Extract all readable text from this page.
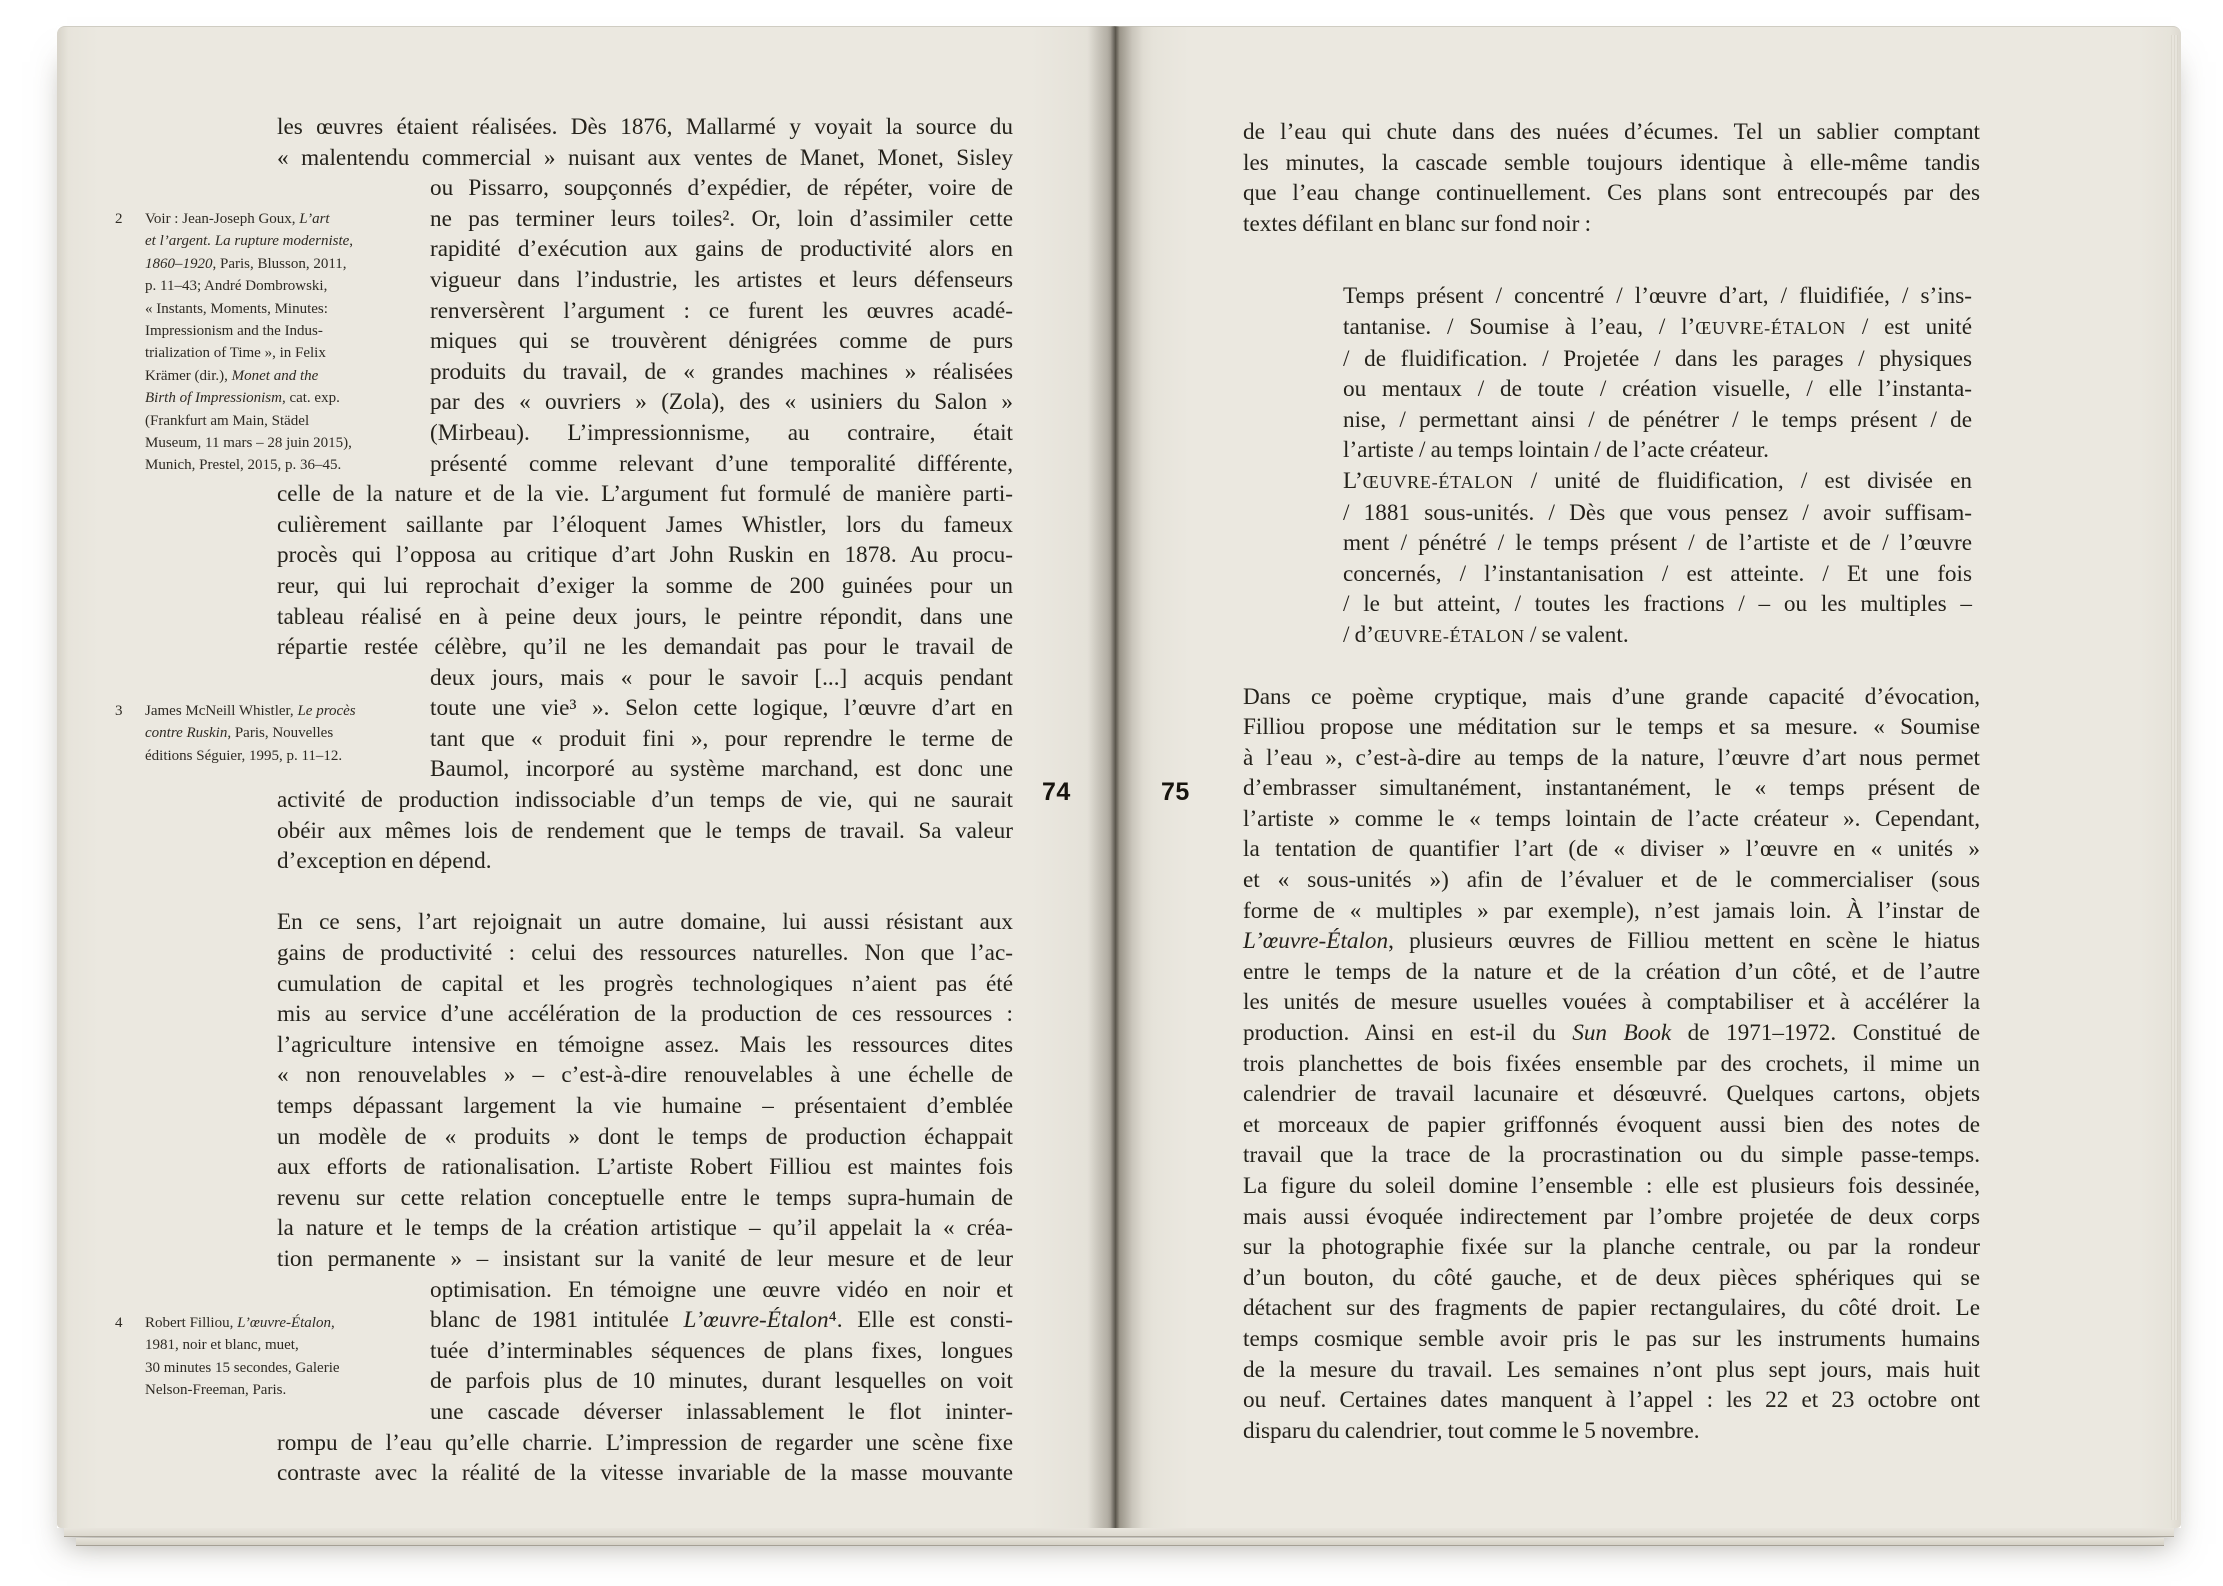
les œuvres étaient réalisées. Dès 1876, Mallarmé y voyait la source du
« malentendu commercial » nuisant aux ventes de Manet, Monet, Sisley
ou Pissarro, soupçonnés d’expédier, de répéter, voire de
ne pas terminer leurs toiles². Or, loin d’assimiler cette
rapidité d’exécution aux gains de productivité alors en
vigueur dans l’industrie, les artistes et leurs défenseurs
renversèrent l’argument : ce furent les œuvres acadé-
miques qui se trouvèrent dénigrées comme de purs
produits du travail, de « grandes machines » réalisées
par des « ouvriers » (Zola), des « usiniers du Salon »
(Mirbeau). L’impressionnisme, au contraire, était
présenté comme relevant d’une temporalité différente,
celle de la nature et de la vie. L’argument fut formulé de manière parti-
culièrement saillante par l’éloquent James Whistler, lors du fameux
procès qui l’opposa au critique d’art John Ruskin en 1878. Au procu-
reur, qui lui reprochait d’exiger la somme de 200 guinées pour un
tableau réalisé en à peine deux jours, le peintre répondit, dans une
répartie restée célèbre, qu’il ne les demandait pas pour le travail de
deux jours, mais « pour le savoir [...] acquis pendant
toute une vie³ ». Selon cette logique, l’œuvre d’art en
tant que « produit fini », pour reprendre le terme de
Baumol, incorporé au système marchand, est donc une
activité de production indissociable d’un temps de vie, qui ne saurait
obéir aux mêmes lois de rendement que le temps de travail. Sa valeur
d’exception en dépend.
En ce sens, l’art rejoignait un autre domaine, lui aussi résistant aux
gains de productivité : celui des ressources naturelles. Non que l’ac-
cumulation de capital et les progrès technologiques n’aient pas été
mis au service d’une accélération de la production de ces ressources :
l’agriculture intensive en témoigne assez. Mais les ressources dites
« non renouvelables » – c’est-à-dire renouvelables à une échelle de
temps dépassant largement la vie humaine – présentaient d’emblée
un modèle de « produits » dont le temps de production échappait
aux efforts de rationalisation. L’artiste Robert Filliou est maintes fois
revenu sur cette relation conceptuelle entre le temps supra-humain de
la nature et le temps de la création artistique – qu’il appelait la « créa-
tion permanente » – insistant sur la vanité de leur mesure et de leur
optimisation. En témoigne une œuvre vidéo en noir et
blanc de 1981 intitulée L’œuvre-Étalon⁴. Elle est consti-
tuée d’interminables séquences de plans fixes, longues
de parfois plus de 10 minutes, durant lesquelles on voit
une cascade déverser inlassablement le flot ininter-
rompu de l’eau qu’elle charrie. L’impression de regarder une scène fixe
contraste avec la réalité de la vitesse invariable de la masse mouvante
2 Voir : Jean-Joseph Goux, L’art
et l’argent. La rupture moderniste,
1860–1920, Paris, Blusson, 2011,
p. 11–43; André Dombrowski,
« Instants, Moments, Minutes:
Impressionism and the Indus-
trialization of Time », in Felix
Krämer (dir.), Monet and the
Birth of Impressionism, cat. exp.
(Frankfurt am Main, Städel
Museum, 11 mars – 28 juin 2015),
Munich, Prestel, 2015, p. 36–45.
3 James McNeill Whistler, Le procès
contre Ruskin, Paris, Nouvelles
éditions Séguier, 1995, p. 11–12.
4 Robert Filliou, L’œuvre-Étalon,
1981, noir et blanc, muet,
30 minutes 15 secondes, Galerie
Nelson-Freeman, Paris.
de l’eau qui chute dans des nuées d’écumes. Tel un sablier comptant
les minutes, la cascade semble toujours identique à elle-même tandis
que l’eau change continuellement. Ces plans sont entrecoupés par des
textes défilant en blanc sur fond noir :
Temps présent / concentré / l’œuvre d’art, / fluidifiée, / s’ins-
tantanise. / Soumise à l’eau, / l’ŒUVRE-ÉTALON / est unité
/ de fluidification. / Projetée / dans les parages / physiques
ou mentaux / de toute / création visuelle, / elle l’instanta-
nise, / permettant ainsi / de pénétrer / le temps présent / de
l’artiste / au temps lointain / de l’acte créateur.
L’ŒUVRE-ÉTALON / unité de fluidification, / est divisée en
/ 1881 sous-unités. / Dès que vous pensez / avoir suffisam-
ment / pénétré / le temps présent / de l’artiste et de / l’œuvre
concernés, / l’instantanisation / est atteinte. / Et une fois
/ le but atteint, / toutes les fractions / – ou les multiples –
/ d’ŒUVRE-ÉTALON / se valent.
Dans ce poème cryptique, mais d’une grande capacité d’évocation,
Filliou propose une méditation sur le temps et sa mesure. « Soumise
à l’eau », c’est-à-dire au temps de la nature, l’œuvre d’art nous permet
d’embrasser simultanément, instantanément, le « temps présent de
l’artiste » comme le « temps lointain de l’acte créateur ». Cependant,
la tentation de quantifier l’art (de « diviser » l’œuvre en « unités »
et « sous-unités ») afin de l’évaluer et de le commercialiser (sous
forme de « multiples » par exemple), n’est jamais loin. À l’instar de
L’œuvre-Étalon, plusieurs œuvres de Filliou mettent en scène le hiatus
entre le temps de la nature et de la création d’un côté, et de l’autre
les unités de mesure usuelles vouées à comptabiliser et à accélérer la
production. Ainsi en est-il du Sun Book de 1971–1972. Constitué de
trois planchettes de bois fixées ensemble par des crochets, il mime un
calendrier de travail lacunaire et désœuvré. Quelques cartons, objets
et morceaux de papier griffonnés évoquent aussi bien des notes de
travail que la trace de la procrastination ou du simple passe-temps.
La figure du soleil domine l’ensemble : elle est plusieurs fois dessinée,
mais aussi évoquée indirectement par l’ombre projetée de deux corps
sur la photographie fixée sur la planche centrale, ou par la rondeur
d’un bouton, du côté gauche, et de deux pièces sphériques qui se
détachent sur des fragments de papier rectangulaires, du côté droit. Le
temps cosmique semble avoir pris le pas sur les instruments humains
de la mesure du travail. Les semaines n’ont plus sept jours, mais huit
ou neuf. Certaines dates manquent à l’appel : les 22 et 23 octobre ont
disparu du calendrier, tout comme le 5 novembre.
74	75
